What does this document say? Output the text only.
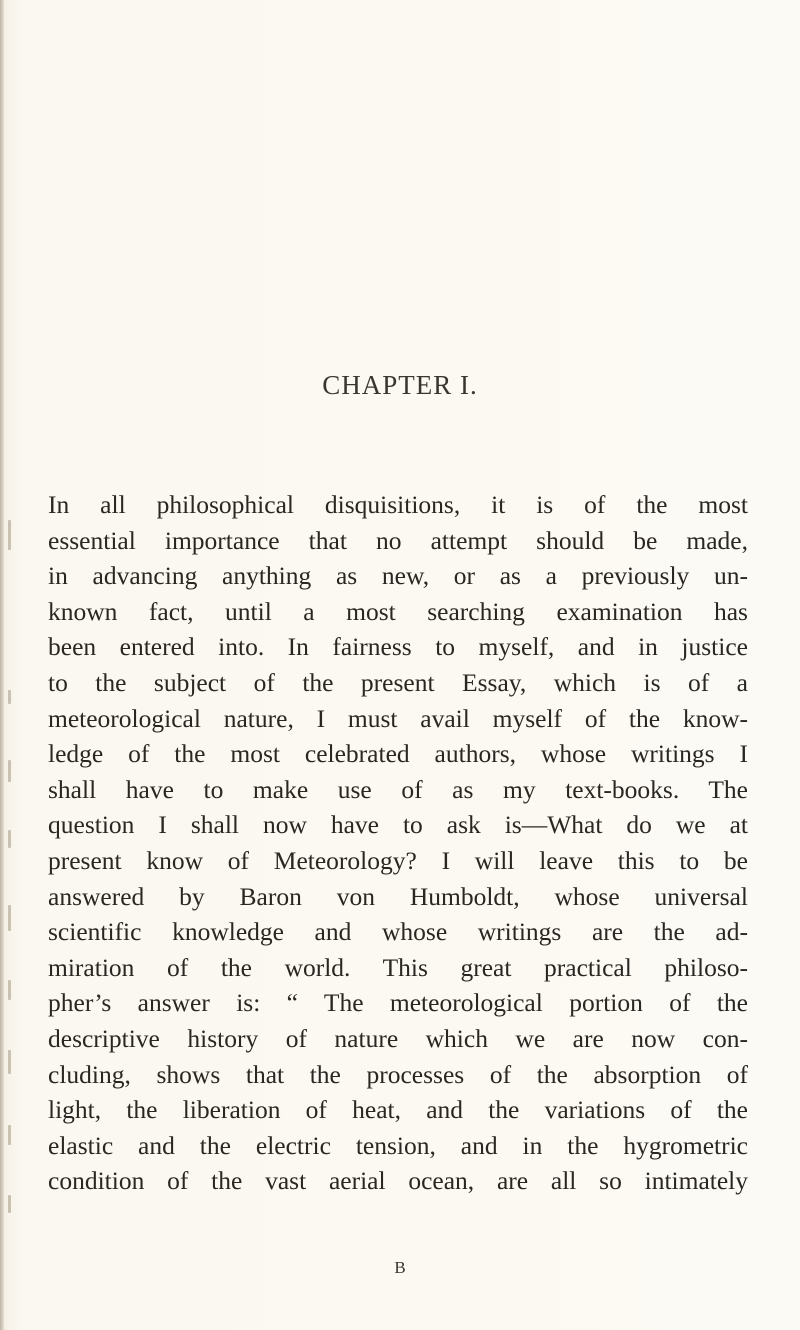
CHAPTER I.
In all philosophical disquisitions, it is of the most
essential importance that no attempt should be made,
in advancing anything as new, or as a previously un-
known fact, until a most searching examination has
been entered into. In fairness to myself, and in justice
to the subject of the present Essay, which is of a
meteorological nature, I must avail myself of the know-
ledge of the most celebrated authors, whose writings I
shall have to make use of as my text-books. The
question I shall now have to ask is—What do we at
present know of Meteorology? I will leave this to be
answered by Baron von Humboldt, whose universal
scientific knowledge and whose writings are the ad-
miration of the world. This great practical philoso-
pher’s answer is: “ The meteorological portion of the
descriptive history of nature which we are now con-
cluding, shows that the processes of the absorption of
light, the liberation of heat, and the variations of the
elastic and the electric tension, and in the hygrometric
condition of the vast aerial ocean, are all so intimately
B
